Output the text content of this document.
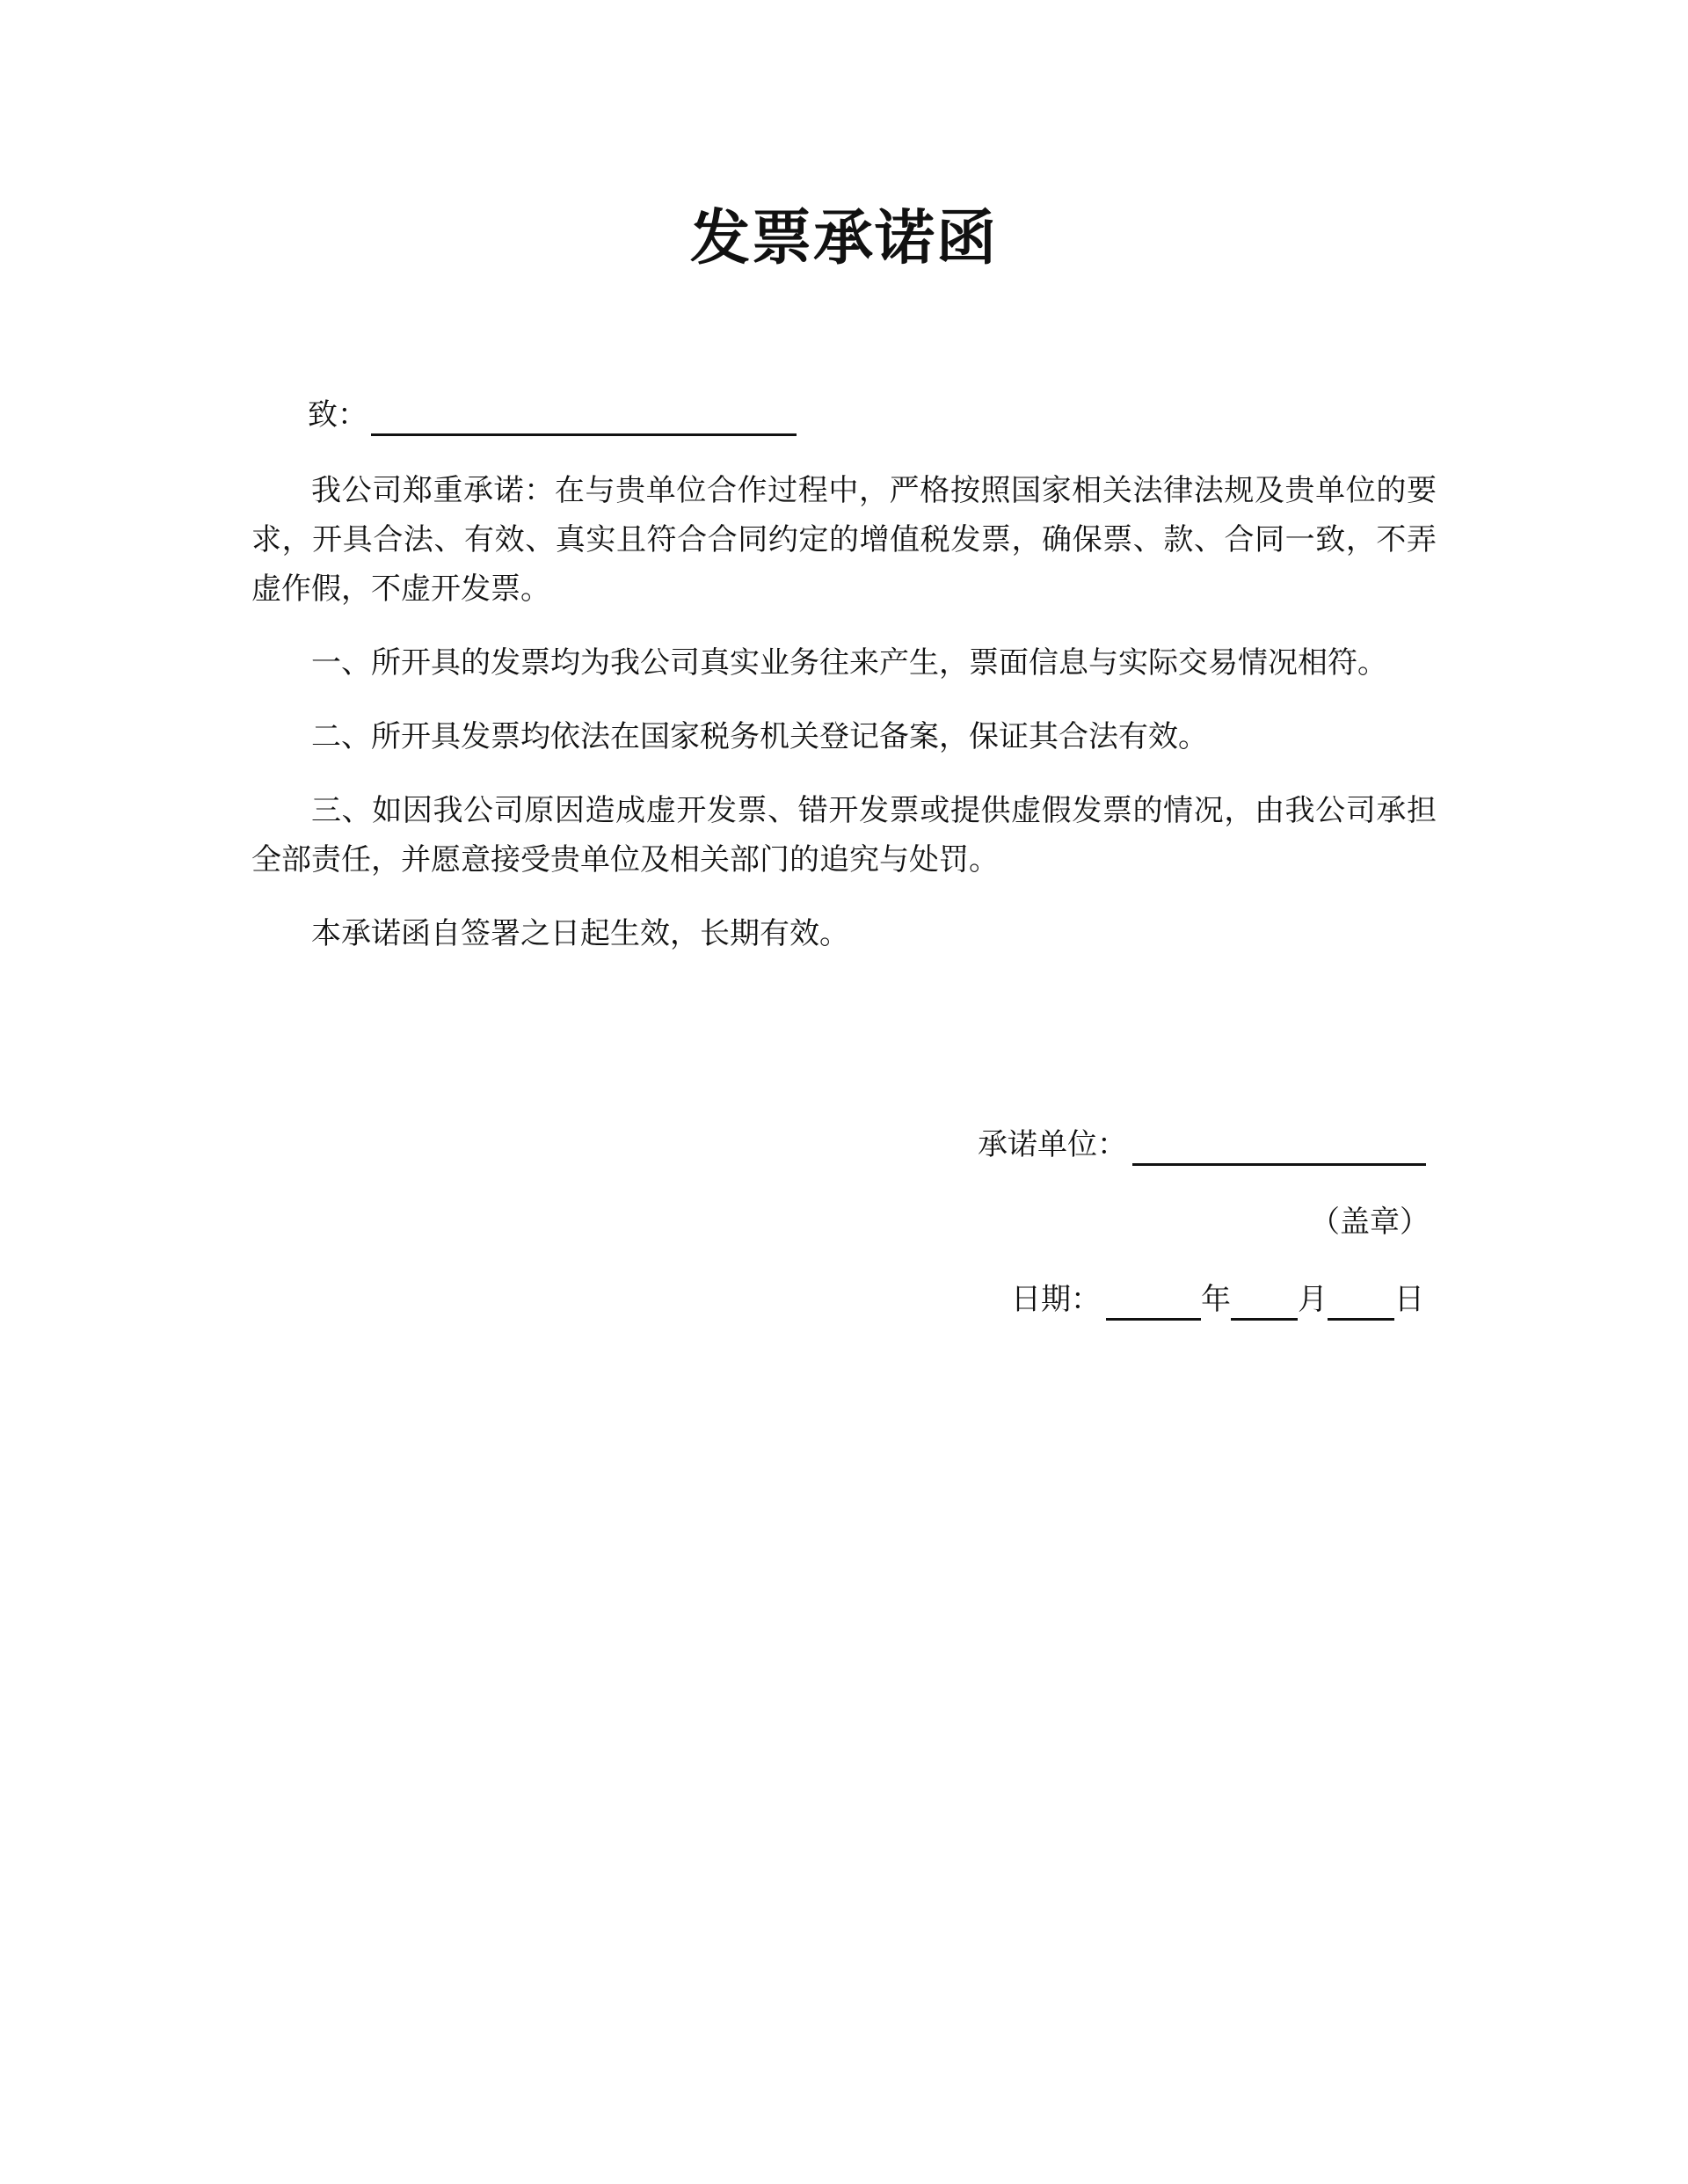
发票承诺函
致：

我公司郑重承诺：在与贵单位合作过程中，严格按照国家相关法律法规及贵单位的要求，开具合法、有效、真实且符合合同约定的增值税发票，确保票、款、合同一致，不弄虚作假，不虚开发票。

一、所开具的发票均为我公司真实业务往来产生，票面信息与实际交易情况相符。

二、所开具发票均依法在国家税务机关登记备案，保证其合法有效。

三、如因我公司原因造成虚开发票、错开发票或提供虚假发票的情况，由我公司承担全部责任，并愿意接受贵单位及相关部门的追究与处罚。

本承诺函自签署之日起生效，长期有效。

承诺单位：
（盖章）
日期：	年 月 日
